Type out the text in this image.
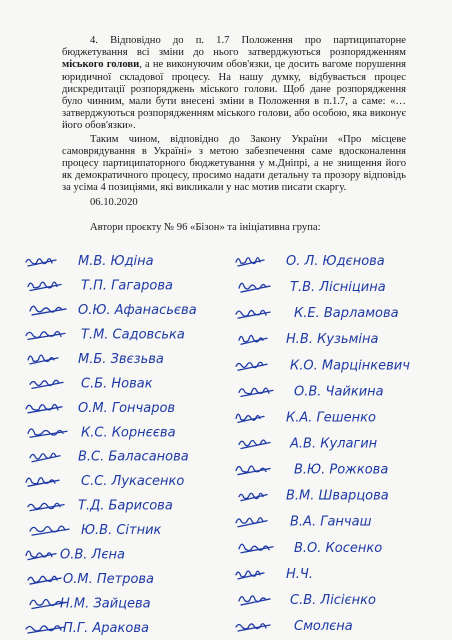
4. Відповідно до п. 1.7 Положення про партиципаторне бюджетування всі зміни до нього затверджуються розпорядженням міського голови, а не виконуючим обов'язки, це досить вагоме порушення юридичної складової процесу. На нашу думку, відбувається процес дискредитації розпоряджень міського голови. Щоб дане розпорядження було чинним, мали бути внесені зміни в Положення в п.1.7, а саме: «…затверджуються розпорядженням міського голови, або особою, яка виконує його обов'язки».

Таким чином, відповідно до Закону України «Про місцеве самоврядування в Україні» з метою забезпечення саме вдосконалення процесу партиципаторного бюджетування у м.Дніпрі, а не знищення його як демократичного процесу, просимо надати детальну та прозору відповідь за усіма 4 позиціями, які викликали у нас мотив писати скаргу.

06.10.2020
Автори проєкту № 96 «Бізон» та ініціативна група:
М.В. Юдіна
Т.П. Гагарова
О.Ю. Афанасьєва
Т.М. Садовська
М.Б. Звєзьва
С.Б. Новак
О.М. Гончаров
К.С. Корнєєва
В.С. Баласанова
С.С. Лукасенко
Т.Д. Барисова
Ю.В. Сітник
О.В. Лєна
О.М. Петрова
Н.М. Зайцева
П.Г. Аракова
О. Л. Юдєнова
Т.В. Лісніцина
К.Е. Варламова
Н.В. Кузьміна
К.О. Марцінкевич
О.В. Чайкина
К.А. Гешенко
А.В. Кулагин
В.Ю. Рожкова
В.М. Шварцова
В.А. Ганчаш
В.О. Косенко
Н.Ч.
С.В. Лісієнко
Смолєна
